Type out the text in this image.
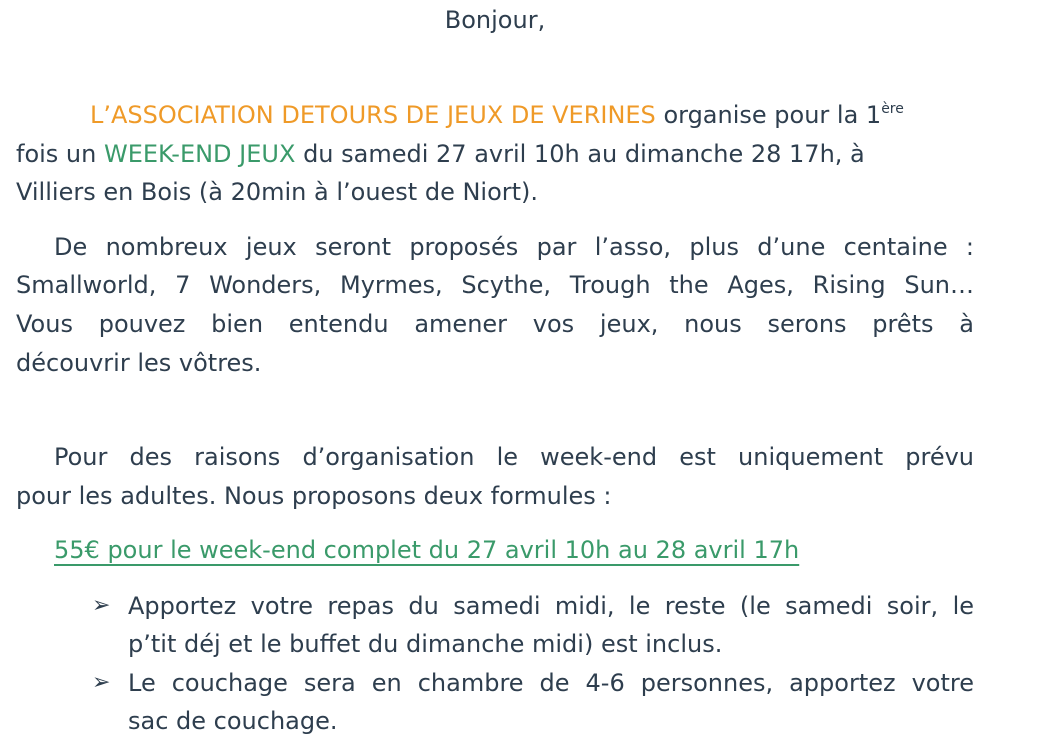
Bonjour,
L’ASSOCIATION DETOURS DE JEUX DE VERINES organise pour la 1ère
fois un WEEK-END JEUX du samedi 27 avril 10h au dimanche 28 17h, à
Villiers en Bois (à 20min à l’ouest de Niort).
De nombreux jeux seront proposés par l’asso, plus d’une centaine :
Smallworld, 7 Wonders, Myrmes, Scythe, Trough the Ages, Rising Sun…
Vous pouvez bien entendu amener vos jeux, nous serons prêts à
découvrir les vôtres.
Pour des raisons d’organisation le week-end est uniquement prévu
pour les adultes. Nous proposons deux formules :
55€ pour le week-end complet du 27 avril 10h au 28 avril 17h
➢ Apportez votre repas du samedi midi, le reste (le samedi soir, le
p’tit déj et le buffet du dimanche midi) est inclus.
➢ Le couchage sera en chambre de 4-6 personnes, apportez votre
sac de couchage.
